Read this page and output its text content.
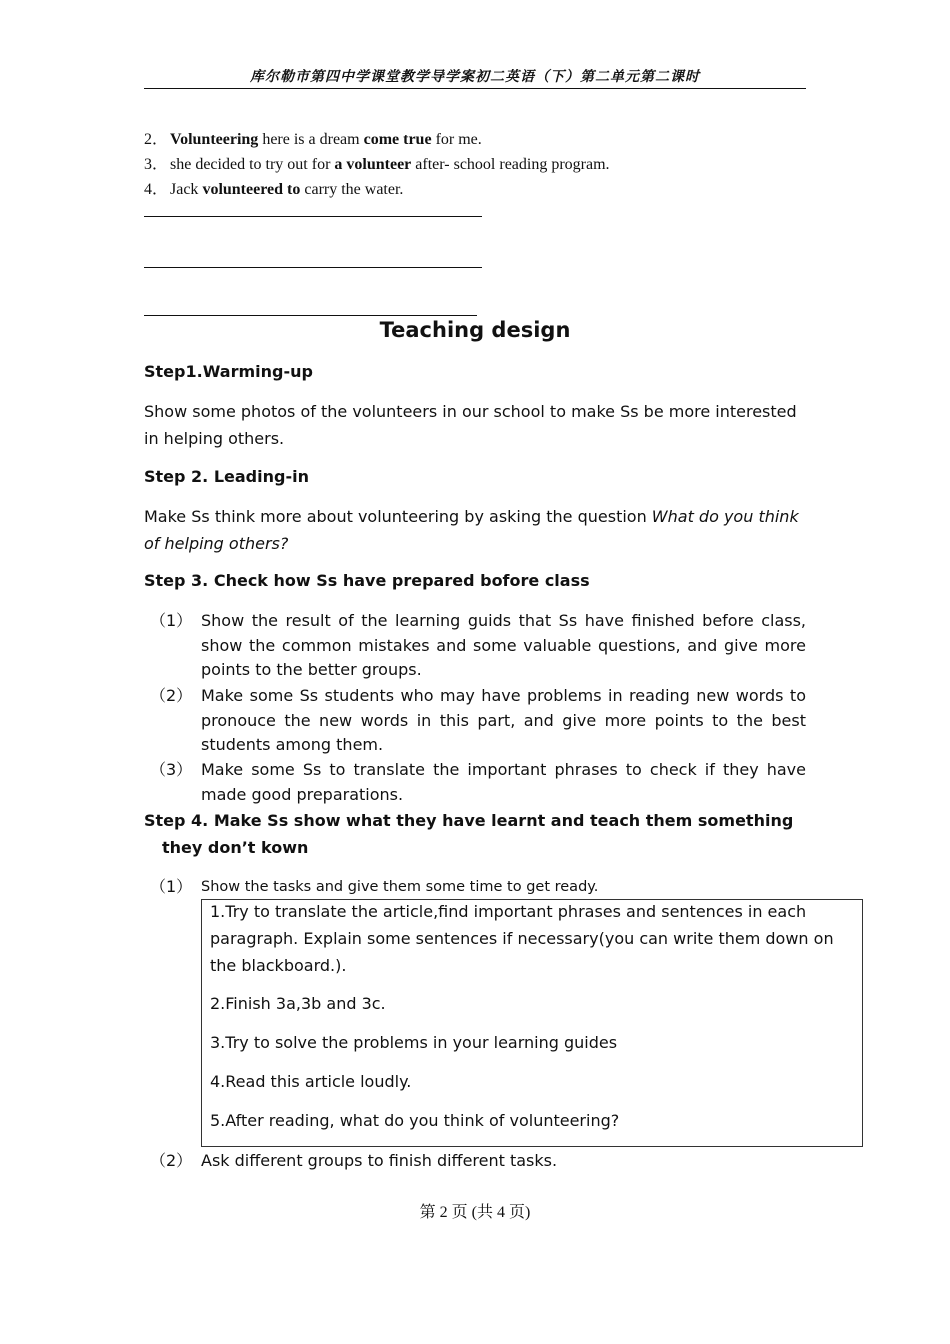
库尔勒市第四中学课堂教学导学案初二英语（下）第二单元第二课时
2． Volunteering here is a dream come true for me.
3． she decided to try out for a volunteer after- school reading program.
4． Jack volunteered to carry the water.
Teaching design
Step1.Warming-up
Show some photos of the volunteers in our school to make Ss be more interested in helping others.
Step 2. Leading-in
Make Ss think more about volunteering by asking the question What do you think of helping others?
Step 3. Check how Ss have prepared bofore class
（1） Show the result of the learning guids that Ss have finished before class, show the common mistakes and some valuable questions, and give more points to the better groups.
（2） Make some Ss students who may have problems in reading new words to pronouce the new words in this part, and give more points to the best students among them.
（3） Make some Ss to translate the important phrases to check if they have made good preparations.
Step 4. Make Ss show what they have learnt and teach them something they don’t kown
（1） Show the tasks and give them some time to get ready.
1.Try to translate the article,find important phrases and sentences in each paragraph. Explain some sentences if necessary(you can write them down on the blackboard.).
2.Finish 3a,3b and 3c.
3.Try to solve the problems in your learning guides
4.Read this article loudly.
5.After reading, what do you think of volunteering?
（2） Ask different groups to finish different tasks.
第 2 页 (共 4 页)
